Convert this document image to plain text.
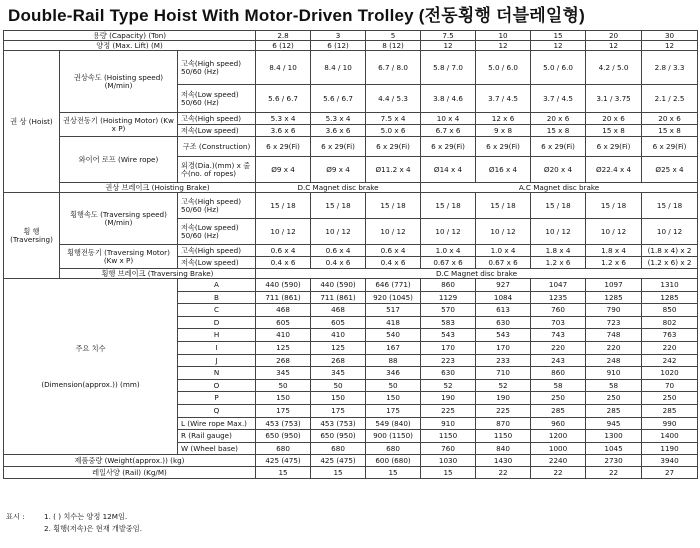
Double-Rail Type Hoist With Motor-Driven Trolley (전동횡행 더블레일형)
용량 (Capacity) (Ton)			2.8	3	5	7.5	10	15	20	30
양정 (Max. Lift) (M)			6 (12)	6 (12)	8 (12)	12	12	12	12	12
권 상 (Hoist)	권상속도 (Hoisting speed) (M/min)	고속(High speed) 50/60 (Hz)	8.4 / 10	8.4 / 10	6.7 / 8.0	5.8 / 7.0	5.0 / 6.0	5.0 / 6.0	4.2 / 5.0	2.8 / 3.3
		저속(Low speed) 50/60 (Hz)	5.6 / 6.7	5.6 / 6.7	4.4 / 5.3	3.8 / 4.6	3.7 / 4.5	3.7 / 4.5	3.1 / 3.75	2.1 / 2.5
	권상전동기 (Hoisting Motor) (Kw x P)	고속(High speed)	5.3 x 4	5.3 x 4	7.5 x 4	10 x 4	12 x 6	20 x 6	20 x 6	20 x 6
		저속(Low speed)	3.6 x 6	3.6 x 6	5.0 x 6	6.7 x 6	9 x 8	15 x 8	15 x 8	15 x 8
	와이어 로프 (Wire rope)	구조 (Construction)	6 x 29(Fi)	6 x 29(Fi)	6 x 29(Fi)	6 x 29(Fi)	6 x 29(Fi)	6 x 29(Fi)	6 x 29(Fi)	6 x 29(Fi)
		외경(Dia.)(mm) x 줄수(no. of ropes)	Ø9 x 4	Ø9 x 4	Ø11.2 x 4	Ø14 x 4	Ø16 x 4	Ø20 x 4	Ø22.4 x 4	Ø25 x 4
	권상 브레이크 (Hoisting Brake)		D.C Magnet disc brake			A.C Magnet disc brake				
횡 행 (Traversing)	횡행속도 (Traversing speed) (M/min)	고속(High speed) 50/60 (Hz)	15 / 18	15 / 18	15 / 18	15 / 18	15 / 18	15 / 18	15 / 18	15 / 18
		저속(Low speed) 50/60 (Hz)	10 / 12	10 / 12	10 / 12	10 / 12	10 / 12	10 / 12	10 / 12	10 / 12
	횡행전동기 (Traversing Motor) (Kw x P)	고속(High speed)	0.6 x 4	0.6 x 4	0.6 x 4	1.0 x 4	1.0 x 4	1.8 x 4	1.8 x 4	(1.8 x 4) x 2
		저속(Low speed)	0.4 x 6	0.4 x 6	0.4 x 6	0.67 x 6	0.67 x 6	1.2 x 6	1.2 x 6	(1.2 x 6) x 2
	횡행 브레이크 (Traversing Brake)		D.C Magnet disc brake							

주요 치수
(Dimension(approx.)) (mm)		A	440 (590)	440 (590)	646 (771)	860	927	1047	1097	1310
		B	711 (861)	711 (861)	920 (1045)	1129	1084	1235	1285	1285
		C	468	468	517	570	613	760	790	850
		D	605	605	418	583	630	703	723	802
		H	410	410	540	543	543	743	748	763
		I	125	125	167	170	170	220	220	220
		J	268	268	88	223	233	243	248	242
		N	345	345	346	630	710	860	910	1020
		O	50	50	50	52	52	58	58	70
		P	150	150	150	190	190	250	250	250
		Q	175	175	175	225	225	285	285	285
		L (Wire rope Max.)	453 (753)	453 (753)	549 (840)	910	870	960	945	990
		R (Rail gauge)	650 (950)	650 (950)	900 (1150)	1150	1150	1200	1300	1400
		W (Wheel base)	680	680	680	760	840	1000	1045	1190
제품중량 (Weight(approx.)) (kg)			425 (475)	425 (475)	600 (680)	1030	1430	2240	2730	3940
레일사양 (Rail) (Kg/M)			15	15	15	15	22	22	22	27
표시 :	1. ( ) 치수는 양정 12M임.
2. 횡행(저속)은 현재 개발중임.
